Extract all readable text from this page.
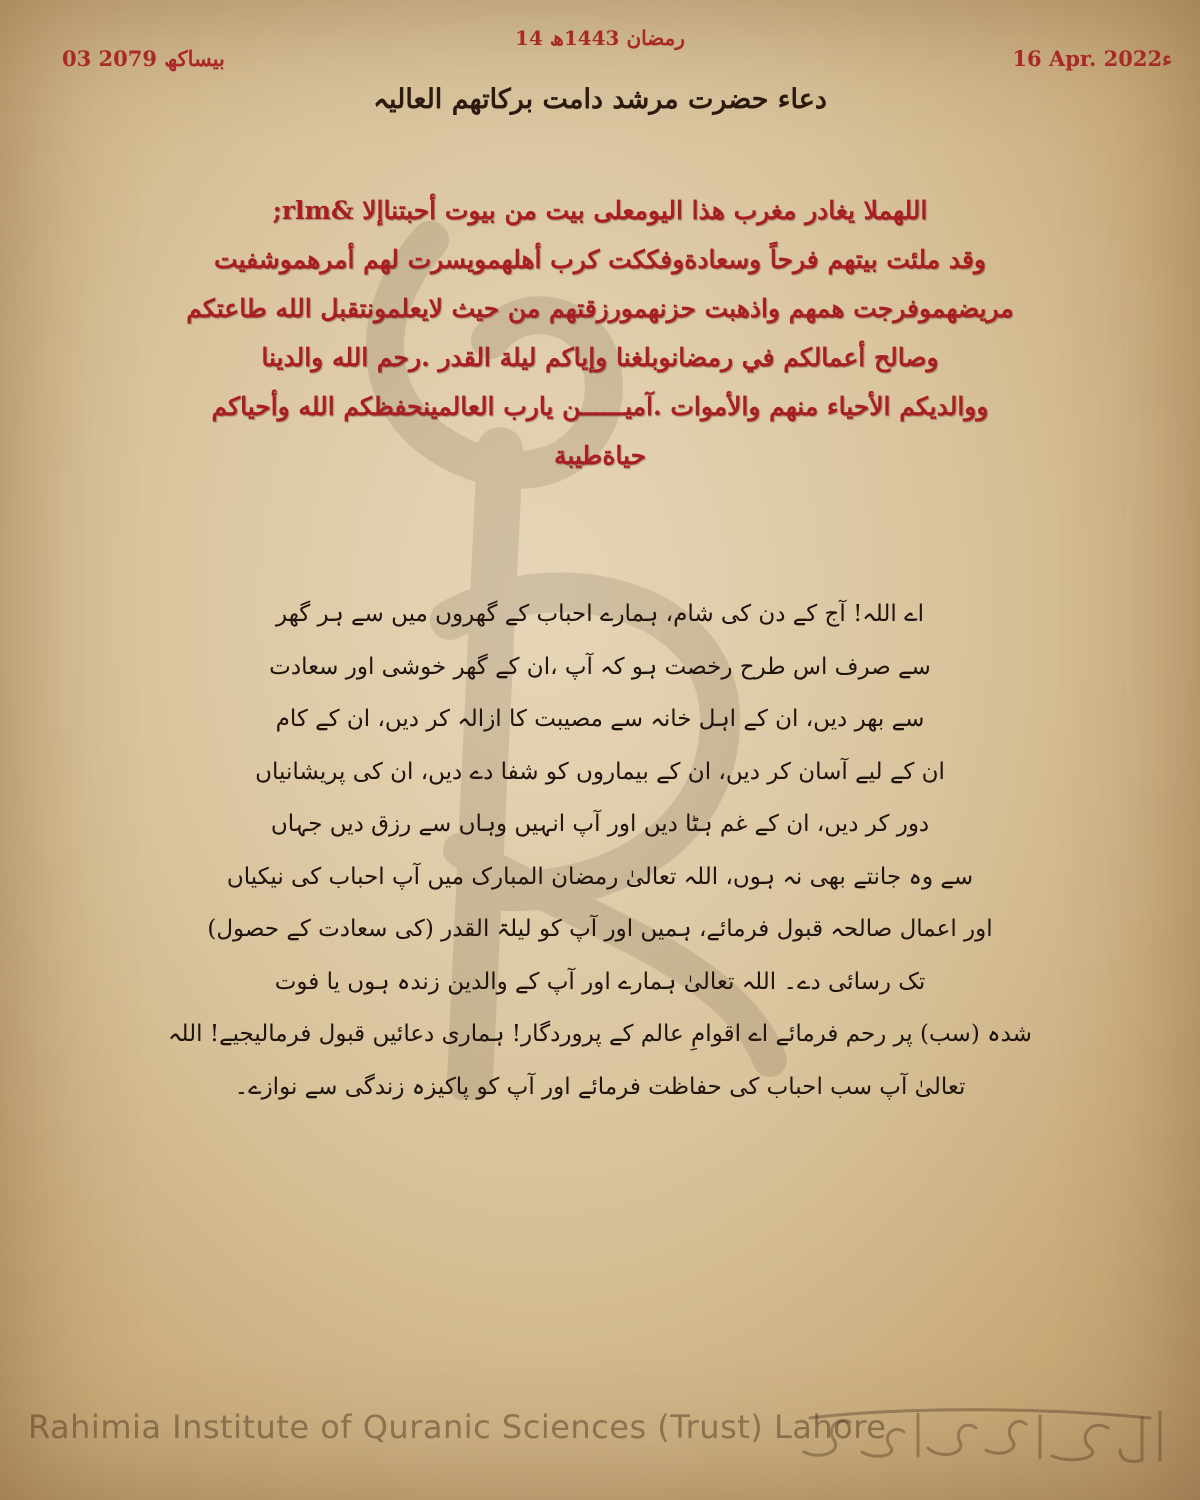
14 رمضان 1443ھ
16 Apr. 2022ء
03 بیساکھ 2079
دعاء حضرت مرشد دامت برکاتھم العالیہ
اللهملا يغادر مغرب هذا اليومعلى بيت من بيوت أحبتناإلا &rlm;
وقد ملئت بيتهم فرحاً وسعادةوفككت كرب أهلهمويسرت لهم أمرهموشفيت
مريضهموفرجت همهم واذهبت حزنهمورزقتهم من حيث لايعلمونتقبل الله طاعتكم
وصالح أعمالكم في رمضانوبلغنا وإياكم ليلة القدر .رحم الله والدينا
ووالديكم الأحياء منهم والأموات .آميــــــن يارب العالمينحفظكم الله وأحياكم
حياةطيبة
اے اللہ! آج کے دن کی شام، ہمارے احباب کے گھروں میں سے ہر گھر
سے صرف اس طرح رخصت ہو کہ آپ ،ان کے گھر خوشی اور سعادت
سے بھر دیں، ان کے اہل خانہ سے مصیبت کا ازالہ کر دیں، ان کے کام
ان کے لیے آسان کر دیں، ان کے بیماروں کو شفا دے دیں، ان کی پریشانیاں
دور کر دیں، ان کے غم ہٹا دیں اور آپ انہیں وہاں سے رزق دیں جہاں
سے وہ جانتے بھی نہ ہوں، اللہ تعالیٰ رمضان المبارک میں آپ احباب کی نیکیاں
اور اعمال صالحہ قبول فرمائے، ہمیں اور آپ کو لیلۃ القدر (کی سعادت کے حصول)
تک رسائی دے۔ اللہ تعالیٰ ہمارے اور آپ کے والدین زندہ ہوں یا فوت
شدہ (سب) پر رحم فرمائے اے اقوامِ عالم کے پروردگار! ہماری دعائیں قبول فرمالیجیے! اللہ
تعالیٰ آپ سب احباب کی حفاظت فرمائے اور آپ کو پاکیزہ زندگی سے نوازے۔
Rahimia Institute of Quranic Sciences (Trust) Lahore
